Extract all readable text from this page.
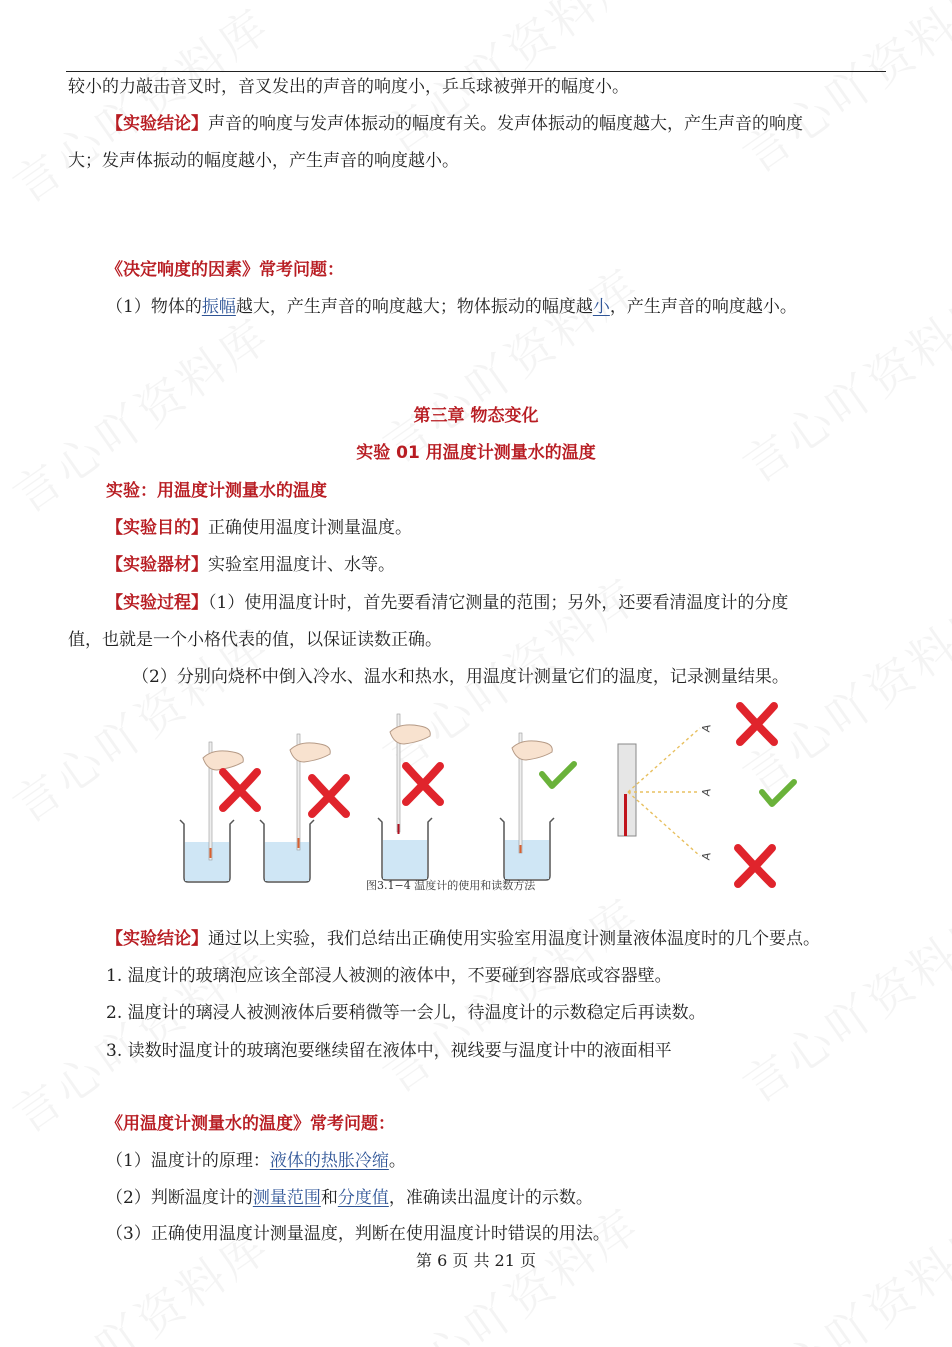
较小的力敲击音叉时，音叉发出的声音的响度小，乒乓球被弹开的幅度小。
【实验结论】声音的响度与发声体振动的幅度有关。发声体振动的幅度越大，产生声音的响度
大；发声体振动的幅度越小，产生声音的响度越小。
《决定响度的因素》常考问题：
（1）物体的振幅越大，产生声音的响度越大；物体振动的幅度越小，产生声音的响度越小。
第三章 物态变化
实验 01 用温度计测量水的温度
实验：用温度计测量水的温度
【实验目的】正确使用温度计测量温度。
【实验器材】实验室用温度计、水等。
【实验过程】（1）使用温度计时，首先要看清它测量的范围；另外，还要看清温度计的分度
值，也就是一个小格代表的值，以保证读数正确。
（2）分别向烧杯中倒入冷水、温水和热水，用温度计测量它们的温度，记录测量结果。
A
A
A
图3.1−4 温度计的使用和读数方法
【实验结论】通过以上实验，我们总结出正确使用实验室用温度计测量液体温度时的几个要点。
1. 温度计的玻璃泡应该全部浸人被测的液体中，不要碰到容器底或容器壁。
2. 温度计的璃浸人被测液体后要稍微等一会儿，待温度计的示数稳定后再读数。
3. 读数时温度计的玻璃泡要继续留在液体中，视线要与温度计中的液面相平
《用温度计测量水的温度》常考问题：
（1）温度计的原理：液体的热胀冷缩。
（2）判断温度计的测量范围和分度值，准确读出温度计的示数。
（3）正确使用温度计测量温度，判断在使用温度计时错误的用法。
第 6 页 共 21 页
